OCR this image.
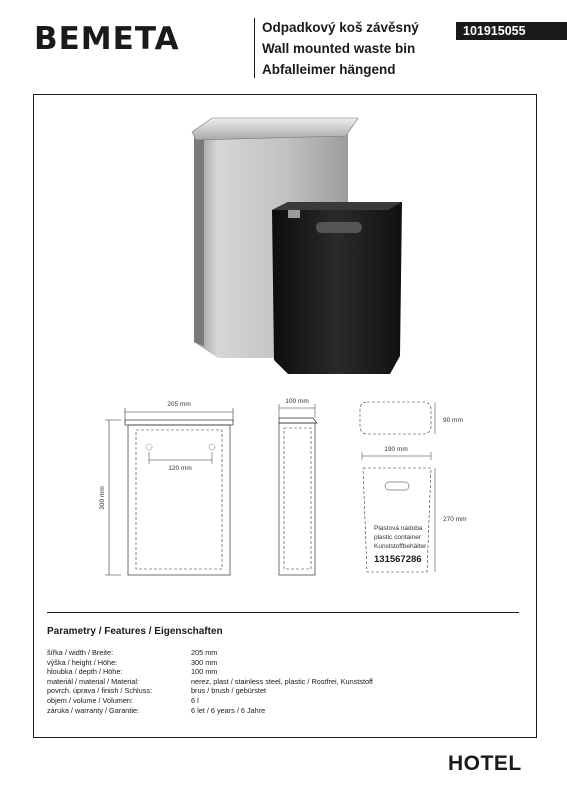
BEMETA	Odpadkový koš závěsný
Wall mounted waste bin
Abfalleimer hängend
101915055
205 mm
120 mm
300 mm
100 mm
90 mm
190 mm
270 mm
Plastová nádoba
plastic container
Kunststoffbehälter
131567286
Parametry / Features / Eigenschaften
šířka / width / Breite:	205 mm
výška / height / Höhe:	300 mm
hloubka / depth / Höhe:	100 mm
materiál / material / Material:	nerez, plast / stainless steel, plastic / Rostfrei, Kunststoff
povrch. úprava / finish / Schluss:	brus / brush / gebürstet
objem / volume / Volumen:	6 l
záruka / warranty / Garantie:	6 let / 6 years / 6 Jahre
HOTEL
